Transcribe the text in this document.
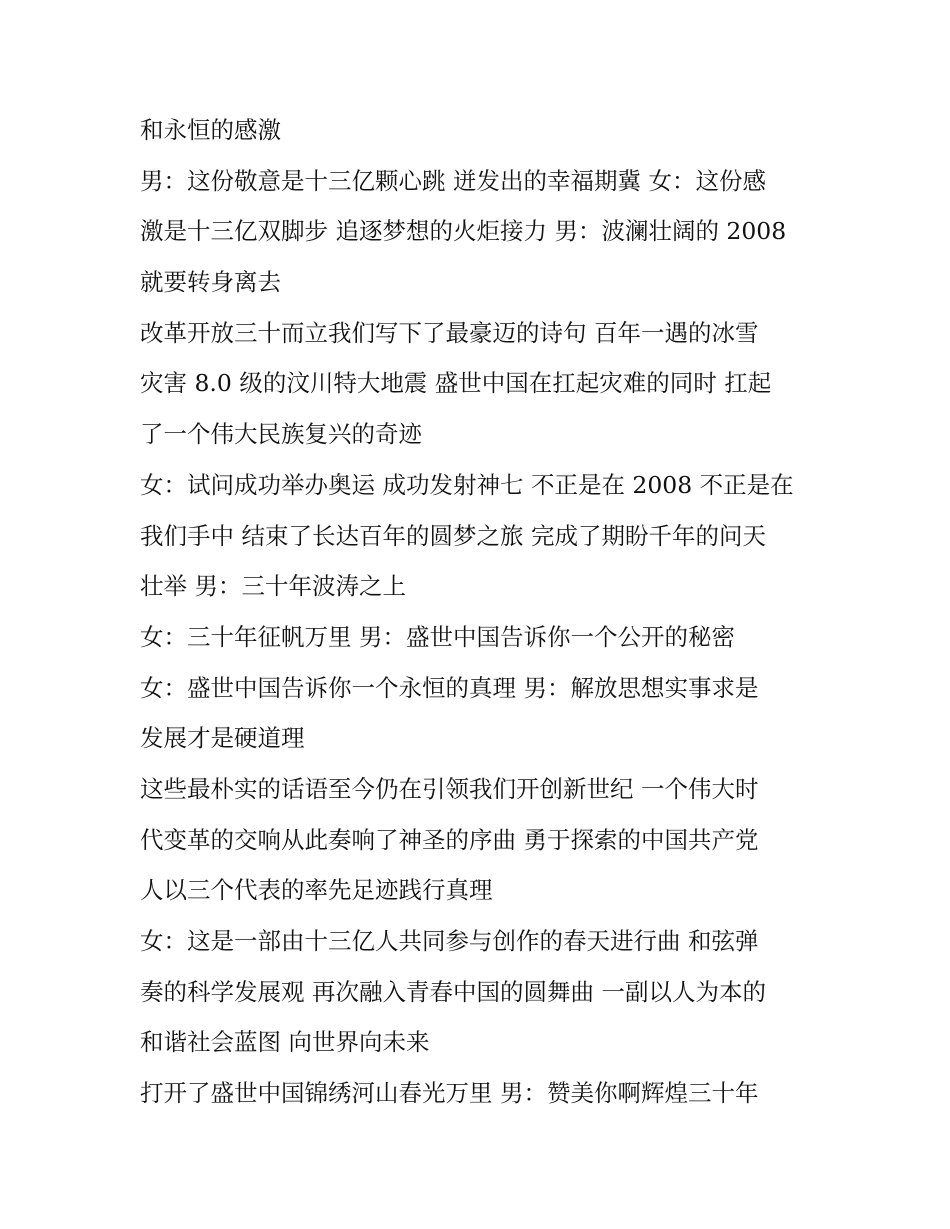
和永恒的感激
男：这份敬意是十三亿颗心跳 迸发出的幸福期冀 女：这份感
激是十三亿双脚步 追逐梦想的火炬接力 男：波澜壮阔的 2008
就要转身离去
改革开放三十而立我们写下了最豪迈的诗句 百年一遇的冰雪
灾害 8.0 级的汶川特大地震 盛世中国在扛起灾难的同时 扛起
了一个伟大民族复兴的奇迹
女：试问成功举办奥运 成功发射神七 不正是在 2008 不正是在
我们手中 结束了长达百年的圆梦之旅 完成了期盼千年的问天
壮举 男：三十年波涛之上
女：三十年征帆万里 男：盛世中国告诉你一个公开的秘密
女：盛世中国告诉你一个永恒的真理 男：解放思想实事求是
发展才是硬道理
这些最朴实的话语至今仍在引领我们开创新世纪 一个伟大时
代变革的交响从此奏响了神圣的序曲 勇于探索的中国共产党
人以三个代表的率先足迹践行真理
女：这是一部由十三亿人共同参与创作的春天进行曲 和弦弹
奏的科学发展观 再次融入青春中国的圆舞曲 一副以人为本的
和谐社会蓝图 向世界向未来
打开了盛世中国锦绣河山春光万里 男：赞美你啊辉煌三十年
